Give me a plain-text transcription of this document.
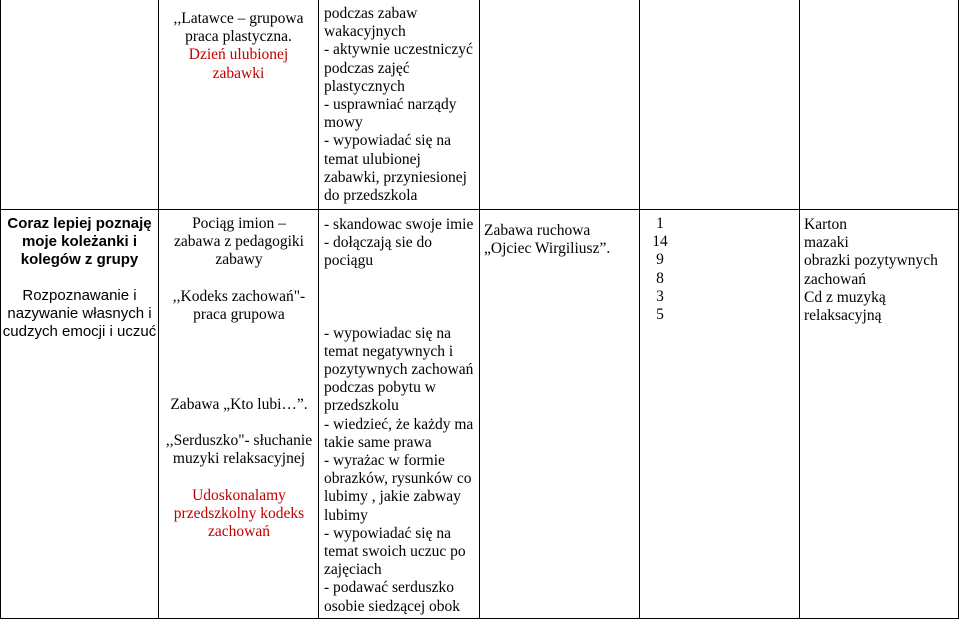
,,Latawce – grupowa praca plastyczna.
Dzień ulubionej zabawki
podczas zabaw
wakacyjnych
- aktywnie uczestniczyć
podczas zajęć
plastycznych
- usprawniać narządy
mowy
- wypowiadać się na
temat ulubionej
zabawki, przyniesionej
do przedszkola
Coraz lepiej poznaję
moje koleżanki i
kolegów z grupy
Rozpoznawanie i
nazywanie własnych i
cudzych emocji i uczuć
Pociąg imion –
zabawa z pedagogiki
zabawy
,,Kodeks zachowań"-
praca grupowa
Zabawa „Kto lubi…”.
,,Serduszko"- słuchanie
muzyki relaksacyjnej
Udoskonalamy
przedszkolny kodeks
zachowań
- skandowac swoje imie
- dołączają sie do
pociągu
- wypowiadac się na
temat negatywnych i
pozytywnych zachowań
podczas pobytu w
przedszkolu
- wiedzieć, że każdy ma
takie same prawa
- wyrażac w formie
obrazków, rysunków co
lubimy , jakie zabway
lubimy
- wypowiadać się na
temat swoich uczuc po
zajęciach
- podawać serduszko
osobie siedzącej obok
Zabawa ruchowa
„Ojciec Wirgiliusz”.
1
14
9
8
3
5
Karton
mazaki
obrazki pozytywnych
zachowań
Cd z muzyką
relaksacyjną
